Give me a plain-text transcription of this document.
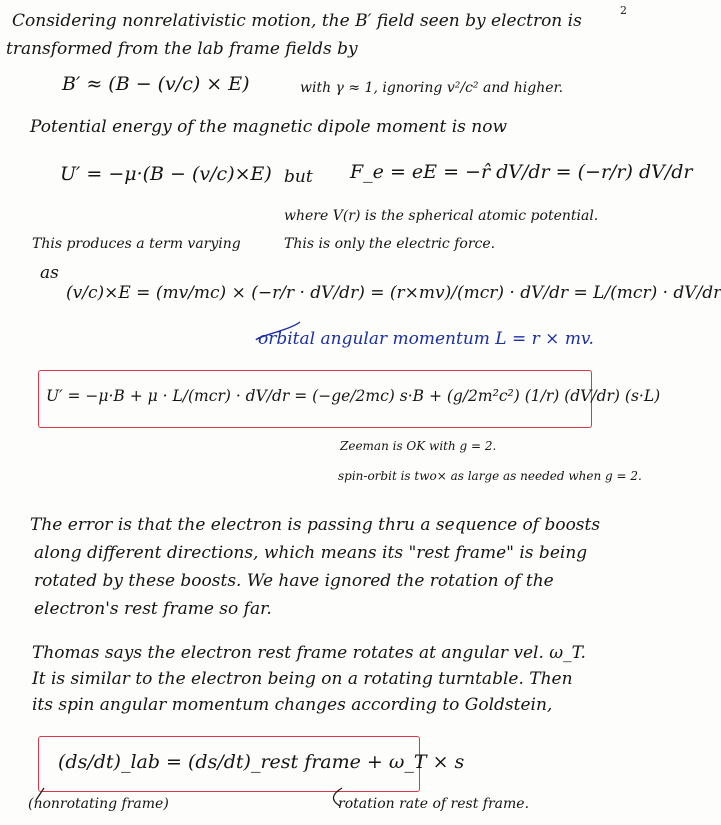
2
Considering nonrelativistic motion, the B′ field seen by electron is
transformed from the lab frame fields by
B′ ≈ (B − (v/c) × E)	with γ ≈ 1, ignoring v²/c² and higher.
Potential energy of the magnetic dipole moment is now
U′ = −μ·(B − (v/c)×E) but F_e = eE = −r̂ dV/dr = (−r/r) dV/dr
where V(r) is the spherical atomic potential.
This produces a term varying	This is only the electric force.
as
(v/c)×E = (mv/mc) × (−r/r · dV/dr) = (r×mv)/(mcr) · dV/dr = L/(mcr) · dV/dr
orbital angular momentum L = r × mv.
U′ = −μ·B + μ · L/(mcr) · dV/dr = (−ge/2mc) s·B + (g/2m²c²) (1/r) (dV/dr) (s·L)
Zeeman is OK with g = 2.
spin-orbit is two× as large as needed when g = 2.
The error is that the electron is passing thru a sequence of boosts
along different directions, which means its "rest frame" is being
rotated by these boosts. We have ignored the rotation of the
electron's rest frame so far.
Thomas says the electron rest frame rotates at angular vel. ω_T.
It is similar to the electron being on a rotating turntable. Then
its spin angular momentum changes according to Goldstein,
(ds/dt)_lab = (ds/dt)_rest frame + ω_T × s
(nonrotating frame)	rotation rate of rest frame.
